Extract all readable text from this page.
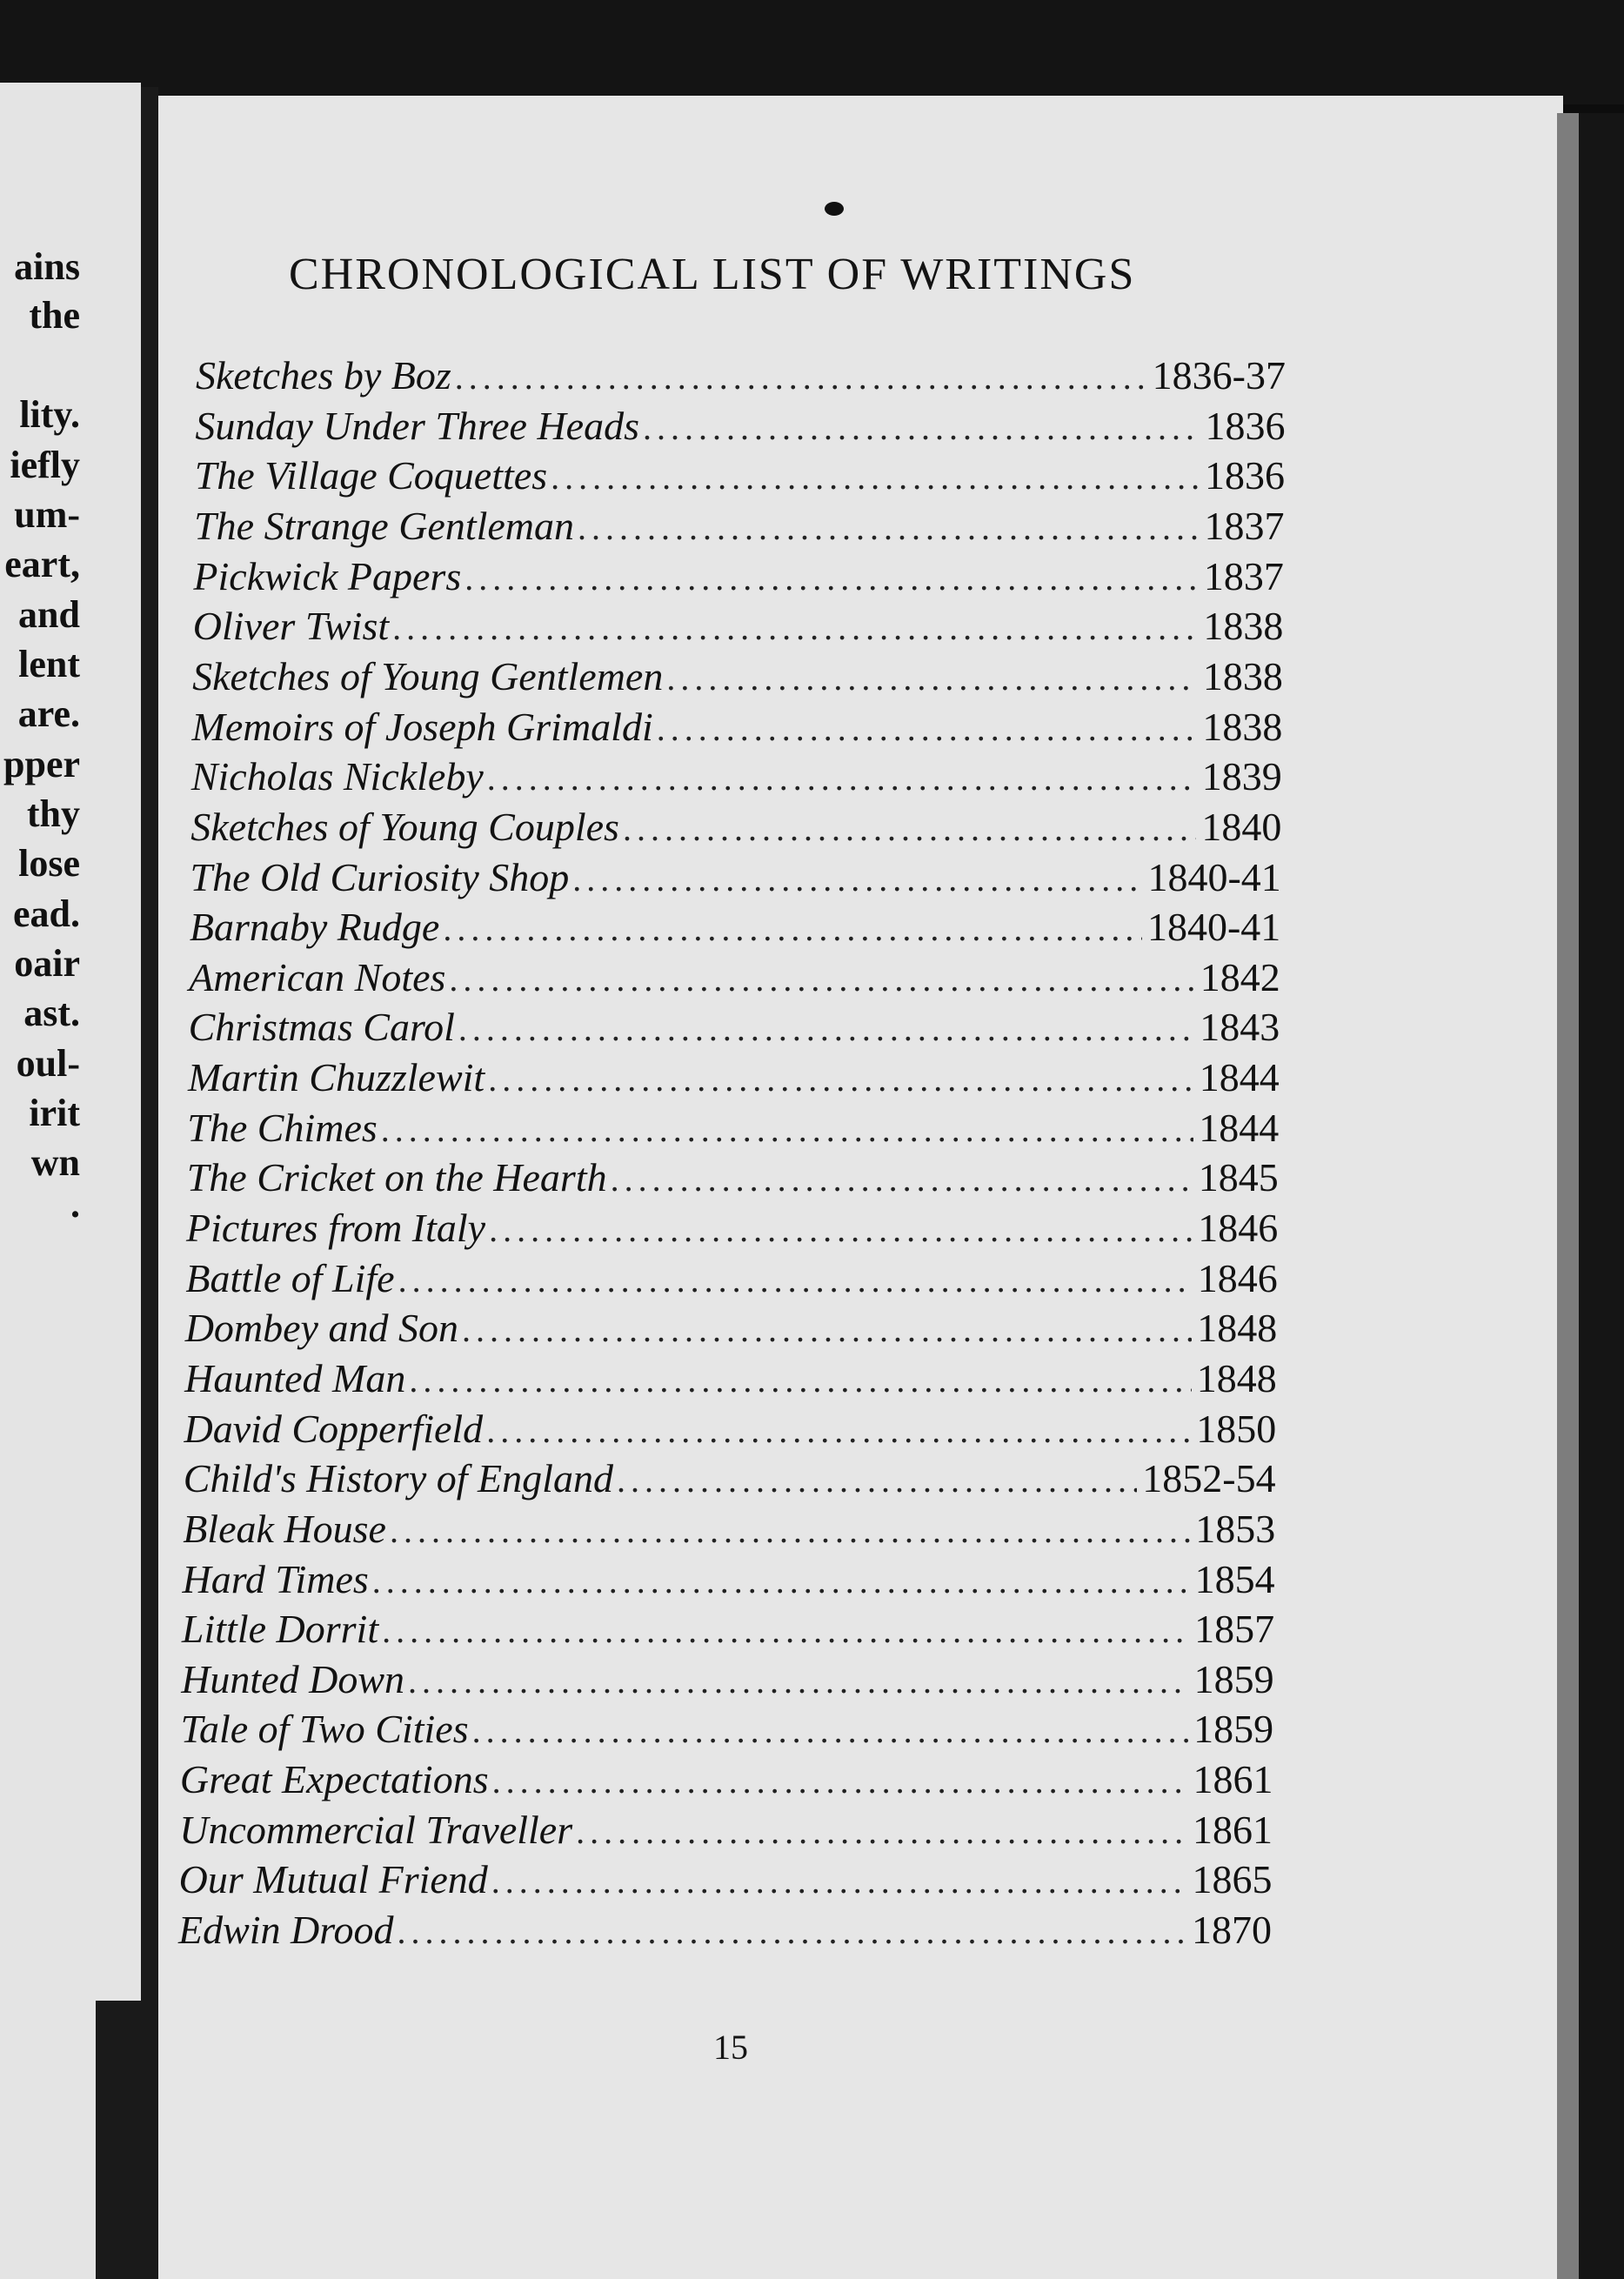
ains
the
lity.
iefly
um-
eart,
and
lent
are.
pper
thy
lose
ead.
oair
ast.
oul-
irit
wn
.
CHRONOLOGICAL LIST OF WRITINGS
Sketches by Boz .....	1836-37
Sunday Under Three Heads .....	1836
The Village Coquettes .....	1836
The Strange Gentleman .....	1837
Pickwick Papers .....	1837
Oliver Twist .....	1838
Sketches of Young Gentlemen .....	1838
Memoirs of Joseph Grimaldi .....	1838
Nicholas Nickleby .....	1839
Sketches of Young Couples .....	1840
The Old Curiosity Shop .....	1840-41
Barnaby Rudge .....	1840-41
American Notes .....	1842
Christmas Carol .....	1843
Martin Chuzzlewit .....	1844
The Chimes .....	1844
The Cricket on the Hearth .....	1845
Pictures from Italy .....	1846
Battle of Life .....	1846
Dombey and Son .....	1848
Haunted Man .....	1848
David Copperfield .....	1850
Child's History of England .....	1852-54
Bleak House .....	1853
Hard Times .....	1854
Little Dorrit .....	1857
Hunted Down .....	1859
Tale of Two Cities .....	1859
Great Expectations .....	1861
Uncommercial Traveller .....	1861
Our Mutual Friend .....	1865
Edwin Drood .....	1870
15
